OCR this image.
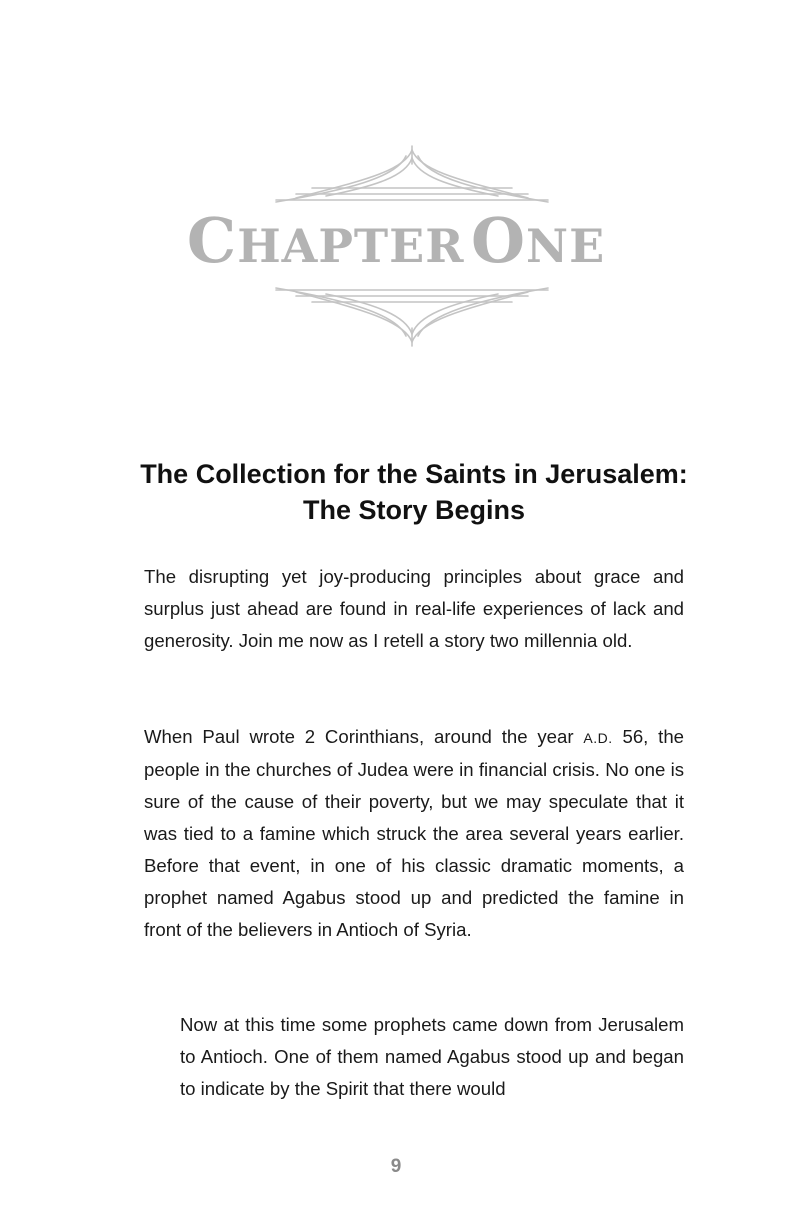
CHAPTER ONE
The Collection for the Saints in Jerusalem:
The Story Begins

The disrupting yet joy-producing principles about grace and surplus just ahead are found in real-life experiences of lack and generosity. Join me now as I retell a story two millennia old.

When Paul wrote 2 Corinthians, around the year A.D. 56, the people in the churches of Judea were in financial crisis. No one is sure of the cause of their poverty, but we may speculate that it was tied to a famine which struck the area several years earlier. Before that event, in one of his classic dramatic moments, a prophet named Agabus stood up and predicted the famine in front of the believers in Antioch of Syria.

Now at this time some prophets came down from Jerusalem to Antioch. One of them named Agabus stood up and began to indicate by the Spirit that there would

9
